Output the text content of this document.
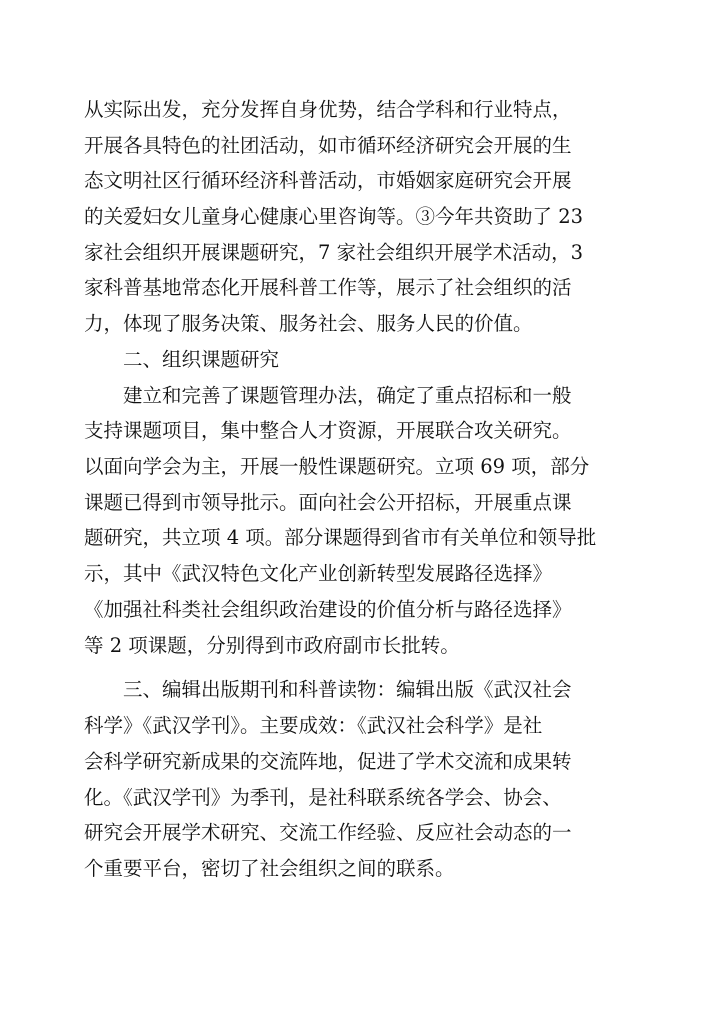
从实际出发，充分发挥自身优势，结合学科和行业特点，
开展各具特色的社团活动，如市循环经济研究会开展的生
态文明社区行循环经济科普活动，市婚姻家庭研究会开展
的关爱妇女儿童身心健康心里咨询等。③今年共资助了 23
家社会组织开展课题研究，7 家社会组织开展学术活动，3
家科普基地常态化开展科普工作等，展示了社会组织的活
力，体现了服务决策、服务社会、服务人民的价值。
二、组织课题研究
建立和完善了课题管理办法，确定了重点招标和一般
支持课题项目，集中整合人才资源，开展联合攻关研究。
以面向学会为主，开展一般性课题研究。立项 69 项，部分
课题已得到市领导批示。面向社会公开招标，开展重点课
题研究，共立项 4 项。部分课题得到省市有关单位和领导批
示，其中《武汉特色文化产业创新转型发展路径选择》
《加强社科类社会组织政治建设的价值分析与路径选择》
等 2 项课题，分别得到市政府副市长批转。
三、编辑出版期刊和科普读物：编辑出版《武汉社会
科学》《武汉学刊》。主要成效：《武汉社会科学》是社
会科学研究新成果的交流阵地，促进了学术交流和成果转
化。《武汉学刊》为季刊，是社科联系统各学会、协会、
研究会开展学术研究、交流工作经验、反应社会动态的一
个重要平台，密切了社会组织之间的联系。
